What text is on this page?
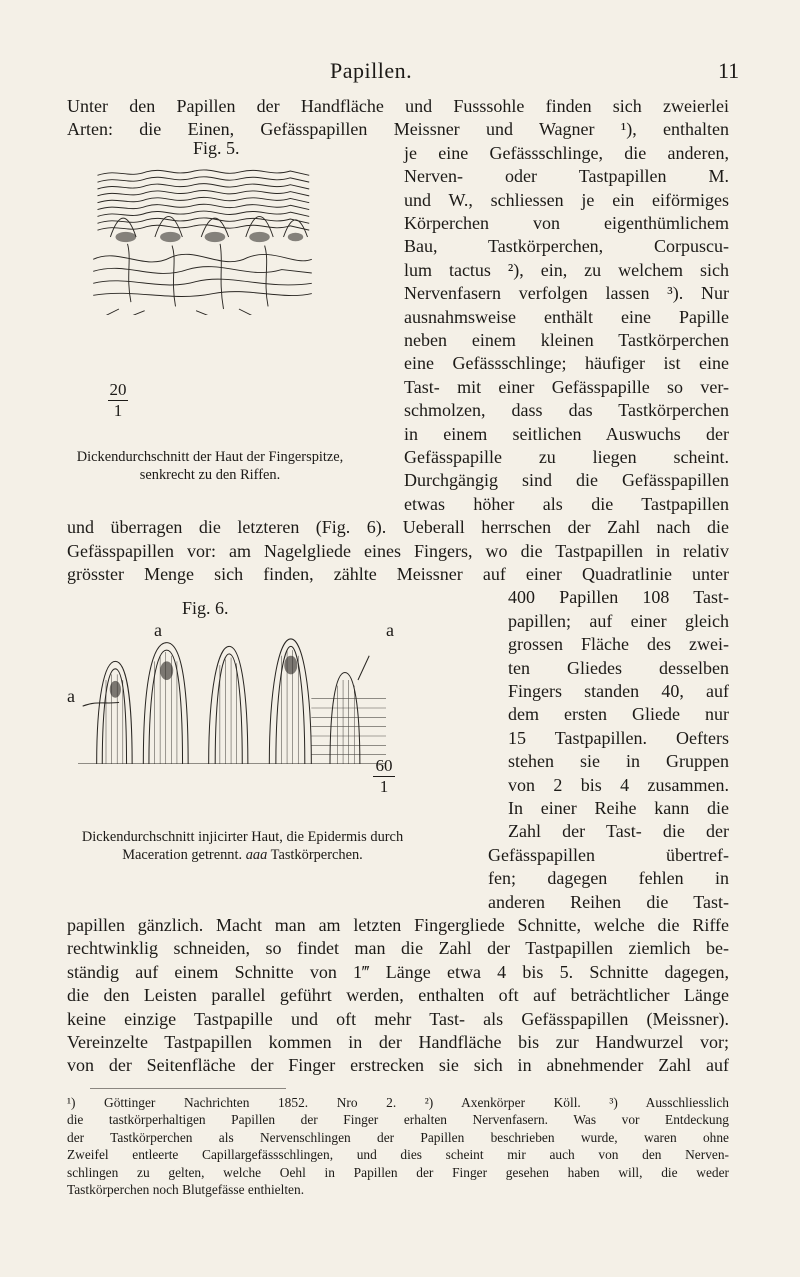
Papillen.	11
Unter den Papillen der Handfläche und Fusssohle finden sich zweierlei
Arten: die Einen, Gefässpapillen Meissner und Wagner ¹), enthalten
Fig. 5.
20
1
Dickendurchschnitt der Haut der Fingerspitze,
senkrecht zu den Riffen.
je eine Gefässschlinge, die anderen,
Nerven- oder Tastpapillen M.
und W., schliessen je ein eiförmiges
Körperchen von eigenthümlichem
Bau, Tastkörperchen, Corpuscu-
lum tactus ²), ein, zu welchem sich
Nervenfasern verfolgen lassen ³). Nur
ausnahmsweise enthält eine Papille
neben einem kleinen Tastkörperchen
eine Gefässschlinge; häufiger ist eine
Tast- mit einer Gefässpapille so ver-
schmolzen, dass das Tastkörperchen
in einem seitlichen Auswuchs der
Gefässpapille zu liegen scheint.
Durchgängig sind die Gefässpapillen
etwas höher als die Tastpapillen
und überragen die letzteren (Fig. 6). Ueberall herrschen der Zahl nach die
Gefässpapillen vor: am Nagelgliede eines Fingers, wo die Tastpapillen in relativ
grösster Menge sich finden, zählte Meissner auf einer Quadratlinie unter
Fig. 6.
a	a
a
60
1
Dickendurchschnitt injicirter Haut, die Epidermis durch
Maceration getrennt. aaa Tastkörperchen.
400 Papillen 108 Tast-
papillen; auf einer gleich
grossen Fläche des zwei-
ten Gliedes desselben
Fingers standen 40, auf
dem ersten Gliede nur
15 Tastpapillen. Oefters
stehen sie in Gruppen
von 2 bis 4 zusammen.
In einer Reihe kann die
Zahl der Tast- die der
Gefässpapillen übertref-
fen; dagegen fehlen in
anderen Reihen die Tast-
papillen gänzlich. Macht man am letzten Fingergliede Schnitte, welche die Riffe
rechtwinklig schneiden, so findet man die Zahl der Tastpapillen ziemlich be-
ständig auf einem Schnitte von 1‴ Länge etwa 4 bis 5. Schnitte dagegen,
die den Leisten parallel geführt werden, enthalten oft auf beträchtlicher Länge
keine einzige Tastpapille und oft mehr Tast- als Gefässpapillen (Meissner).
Vereinzelte Tastpapillen kommen in der Handfläche bis zur Handwurzel vor;
von der Seitenfläche der Finger erstrecken sie sich in abnehmender Zahl auf
¹) Göttinger Nachrichten 1852. Nro 2. ²) Axenkörper Köll. ³) Ausschliesslich
die tastkörperhaltigen Papillen der Finger erhalten Nervenfasern. Was vor Entdeckung
der Tastkörperchen als Nervenschlingen der Papillen beschrieben wurde, waren ohne
Zweifel entleerte Capillargefässschlingen, und dies scheint mir auch von den Nerven-
schlingen zu gelten, welche Oehl in Papillen der Finger gesehen haben will, die weder
Tastkörperchen noch Blutgefässe enthielten.
